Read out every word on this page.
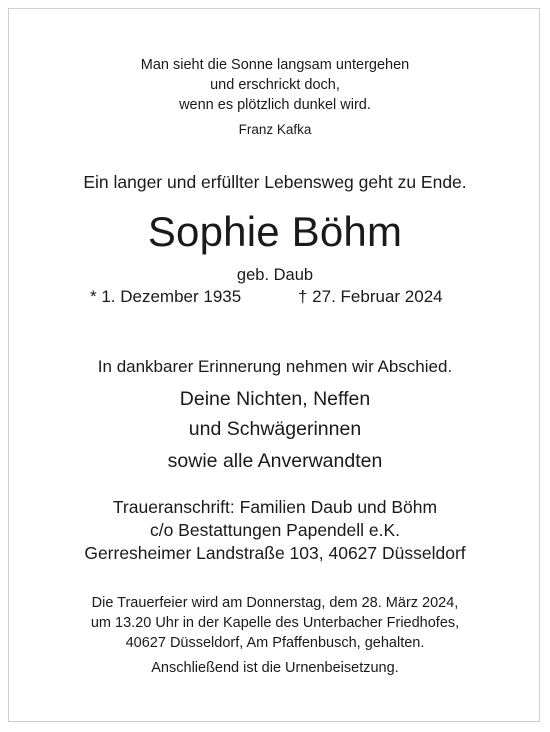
Man sieht die Sonne langsam untergehen
und erschrickt doch,
wenn es plötzlich dunkel wird.
Franz Kafka
Ein langer und erfüllter Lebensweg geht zu Ende.
Sophie Böhm
geb. Daub
* 1. Dezember 1935	† 27. Februar 2024
In dankbarer Erinnerung nehmen wir Abschied.
Deine Nichten, Neffen
und Schwägerinnen
sowie alle Anverwandten
Traueranschrift: Familien Daub und Böhm
c/o Bestattungen Papendell e.K.
Gerresheimer Landstraße 103, 40627 Düsseldorf
Die Trauerfeier wird am Donnerstag, dem 28. März 2024,
um 13.20 Uhr in der Kapelle des Unterbacher Friedhofes,
40627 Düsseldorf, Am Pfaffenbusch, gehalten.
Anschließend ist die Urnenbeisetzung.
